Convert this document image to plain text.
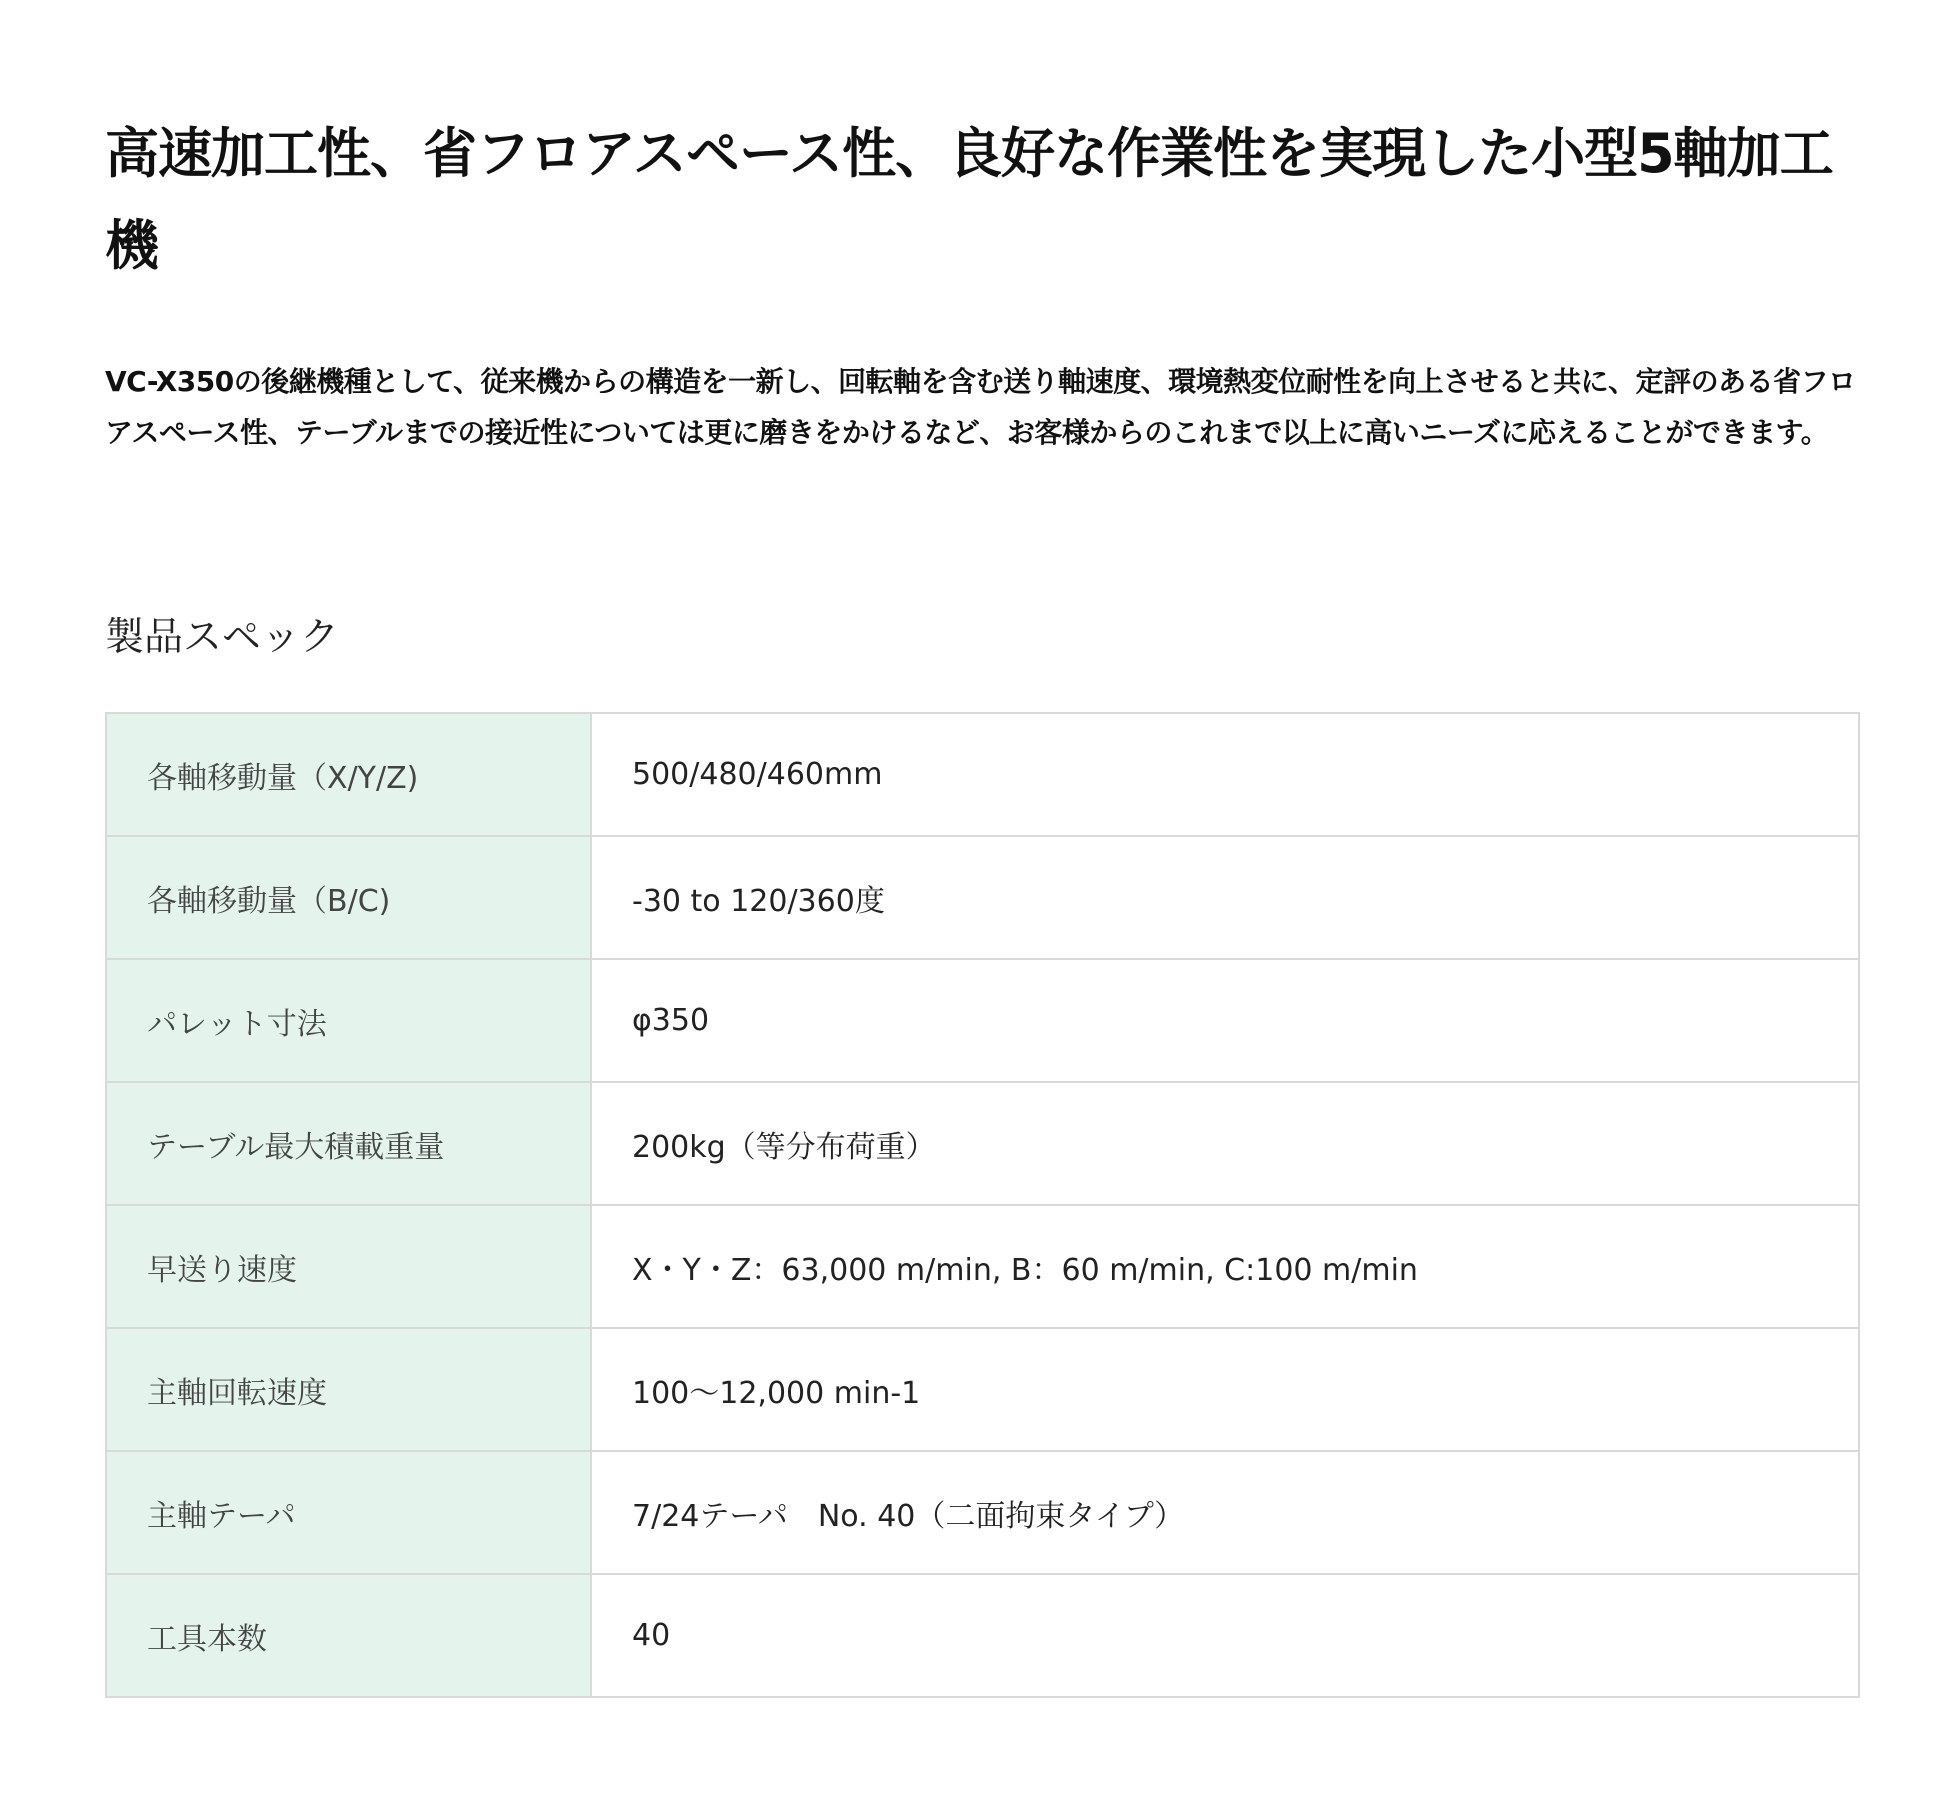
高速加工性、省フロアスペース性、良好な作業性を実現した小型5軸加工機

VC-X350の後継機種として、従来機からの構造を一新し、回転軸を含む送り軸速度、環境熱変位耐性を向上させると共に、定評のある省フロアスペース性、テーブルまでの接近性については更に磨きをかけるなど、お客様からのこれまで以上に高いニーズに応えることができます。

製品スペック
各軸移動量（X/Y/Z)	500/480/460mm
各軸移動量（B/C)	-30 to 120/360度
パレット寸法	φ350
テーブル最大積載重量	200kg（等分布荷重）
早送り速度	X・Y・Z：63,000 m/min, B：60 m/min, C:100 m/min
主軸回転速度	100～12,000 min-1
主軸テーパ	7/24テーパ　No. 40（二面拘束タイプ）
工具本数	40
